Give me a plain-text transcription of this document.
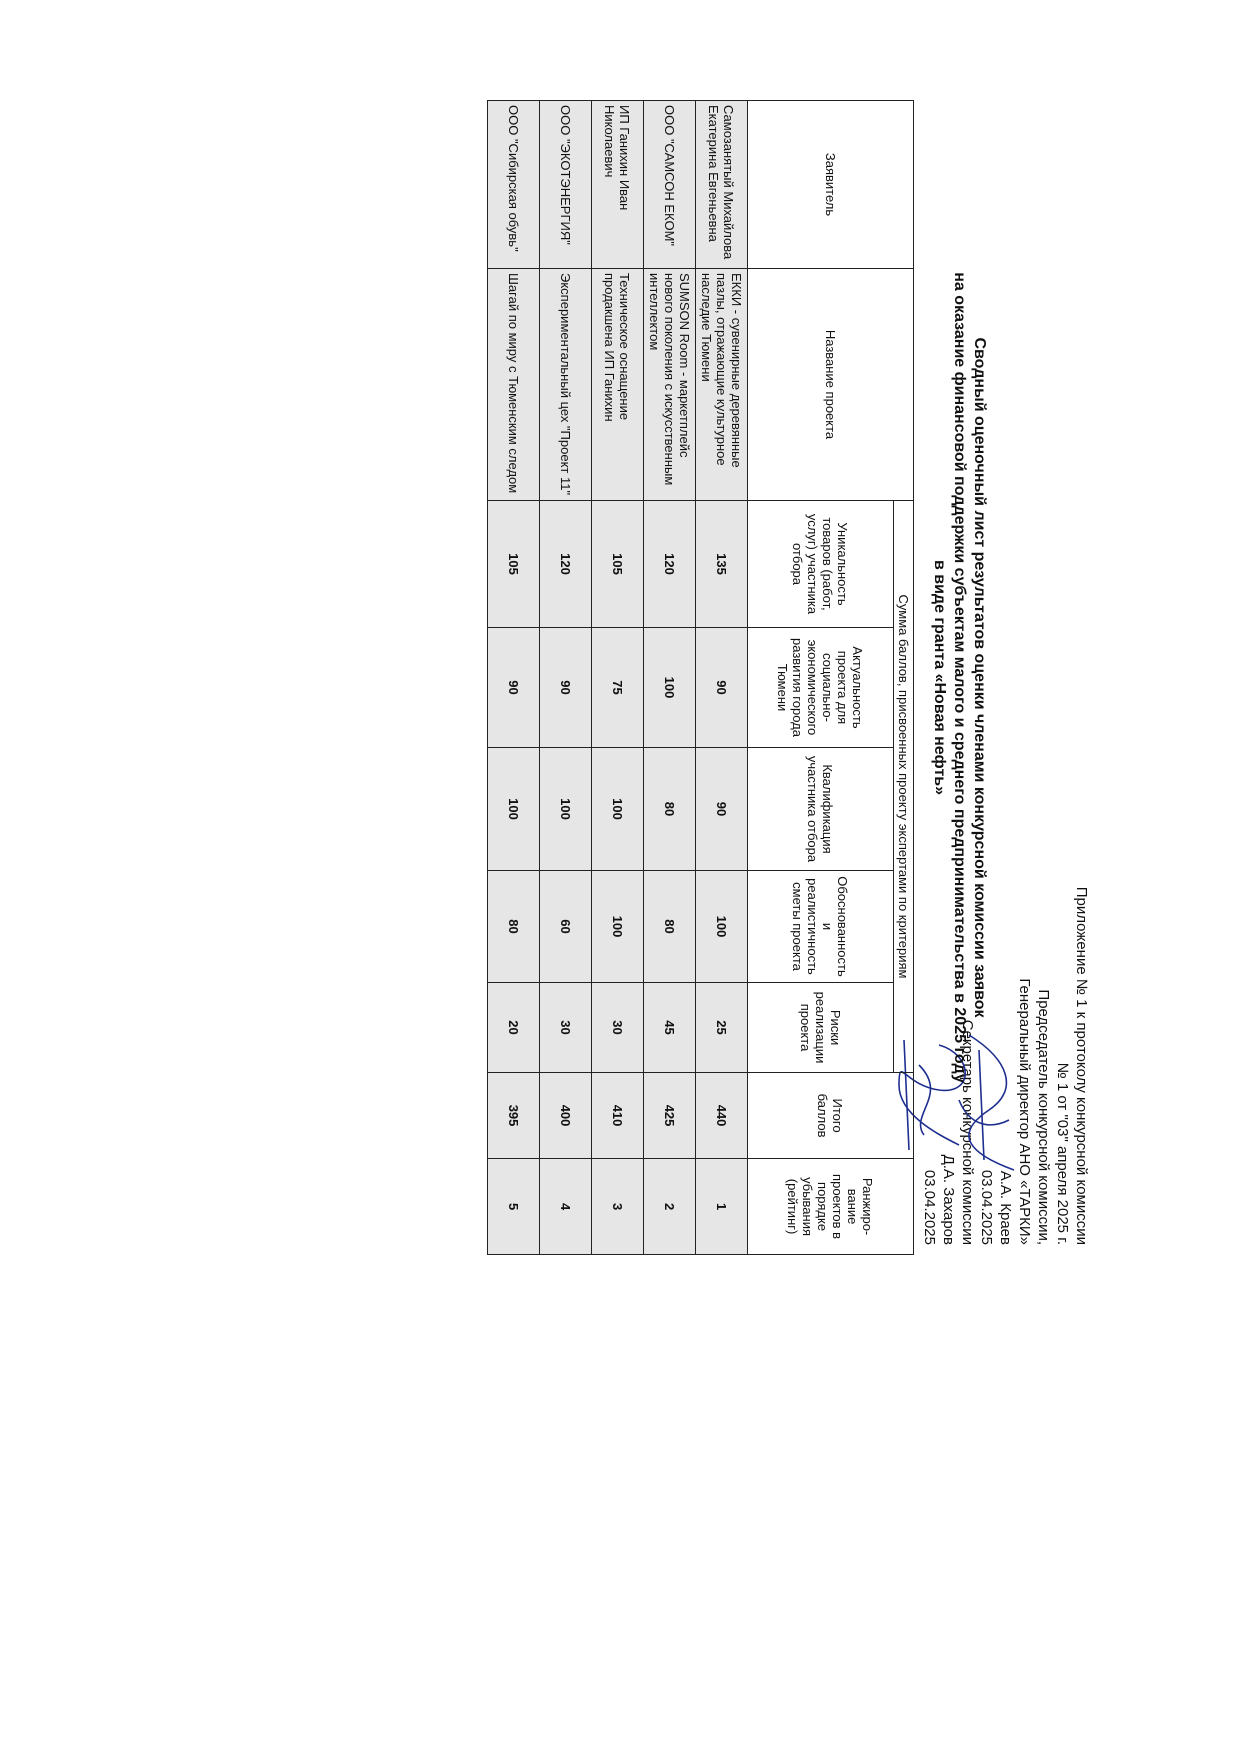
Приложение № 1 к протоколу конкурсной комиссии
№ 1 от "03" апреля 2025 г.
Председатель конкурсной комиссии,
Генеральный директор АНО «ТАРКИ»
А.А. Краев
03.04.2025
Секретарь конкурсной комиссии
Д.А. Захаров
03.04.2025
Сводный оценочный лист результатов оценки членами конкурсной комиссии заявок
на оказание финансовой поддержки субъектам малого и среднего предпринимательства в 2025 году
в виде гранта «Новая нефть»
Заявитель	Название проекта	Сумма баллов, присвоенных проекту экспертами по критериям					Итого баллов	Ранжиро-вание проектов в порядке убывания (рейтинг)
		Уникальность товаров (работ, услуг) участника отбора	Актуальность проекта для социально-экономического развития города Тюмени	Квалификация участника отбора	Обоснованность и реалистичность сметы проекта	Риски реализации проекта		
Самозанятый Михайлова Екатерина Евгеньевна	ЕККИ - сувенирные деревянные пазлы, отражающие культурное наследие Тюмени	135	90	90	100	25	440	1
ООО "САМСОН ЕКОМ"	SUMSON Room - маркетплейс нового поколения с искусственным интеллектом	120	100	80	80	45	425	2
ИП Ганихин Иван Николаевич	Техническое оснащение продакшена ИП Ганихин	105	75	100	100	30	410	3
ООО "ЭКОТЭНЕРГИЯ"	Экспериментальный цех "Проект 11"	120	90	100	60	30	400	4
ООО "Сибирская обувь"	Шагай по миру с Тюменским следом	105	90	100	80	20	395	5
